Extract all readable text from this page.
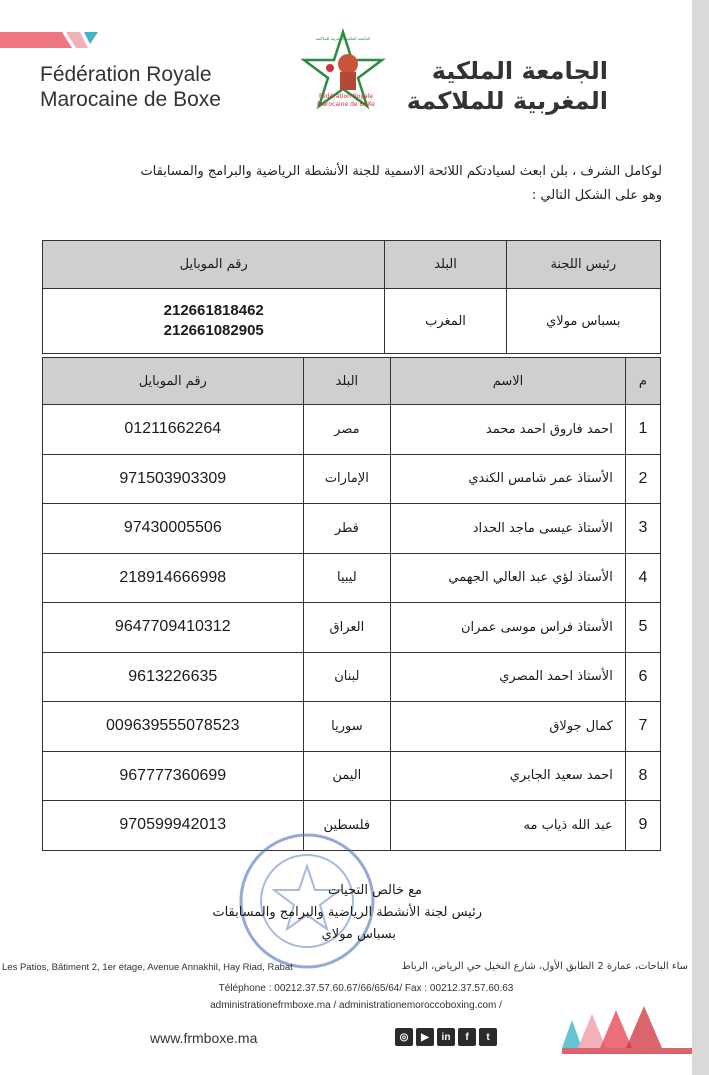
Fédération Royale
Marocaine de Boxe	Fédération Royale
Marocaine de BoXe
الجامعة الملكية المغربية للملاكمة
الجامعة الملكية
المغربية للملاكمة
لوكامل الشرف ، بلن ابعث لسيادتكم اللائحة الاسمية للجنة الأنشطة الرياضية والبرامج والمسابقات
وهو على الشكل التالي :
رقم الموبايل	البلد	رئيس اللجنة

212661818462
212661082905	المغرب	بسباس مولاي
رقم الموبايل	البلد	الاسم	م
01211662264	مصر	احمد فاروق احمد محمد	1
971503903309	الإمارات	الأستاذ عمر شامس الكندي	2
97430005506	قطر	الأستاذ عيسى ماجد الحداد	3
218914666998	ليبيا	الأستاذ لؤي عبد العالي الجهمي	4
9647709410312	العراق	الأستاذ فراس موسى عمران	5
9613226635	لبنان	الأستاذ احمد المصري	6
009639555078523	سوريا	كمال جولاق	7
967777360699	اليمن	احمد سعيد الجابري	8
970599942013	فلسطين	عبد الله ذياب مه	9
مع خالص التحيات
رئيس لجنة الأنشطة الرياضية والبرامج والمسابقات
بسباس مولاي
Les Patios, Bâtiment 2, 1er étage, Avenue Annakhil, Hay Riad, Rabat	ساء الباحات، عمارة 2 الطابق الأول، شارع النخيل حي الرياض، الرباط
Téléphone : 00212.37.57.60.67/66/65/64/ Fax : 00212.37.57.60.63
administrationefrmboxe.ma / administrationemoroccoboxing.com /
www.frmboxe.ma	◎	▶	in	f	t
